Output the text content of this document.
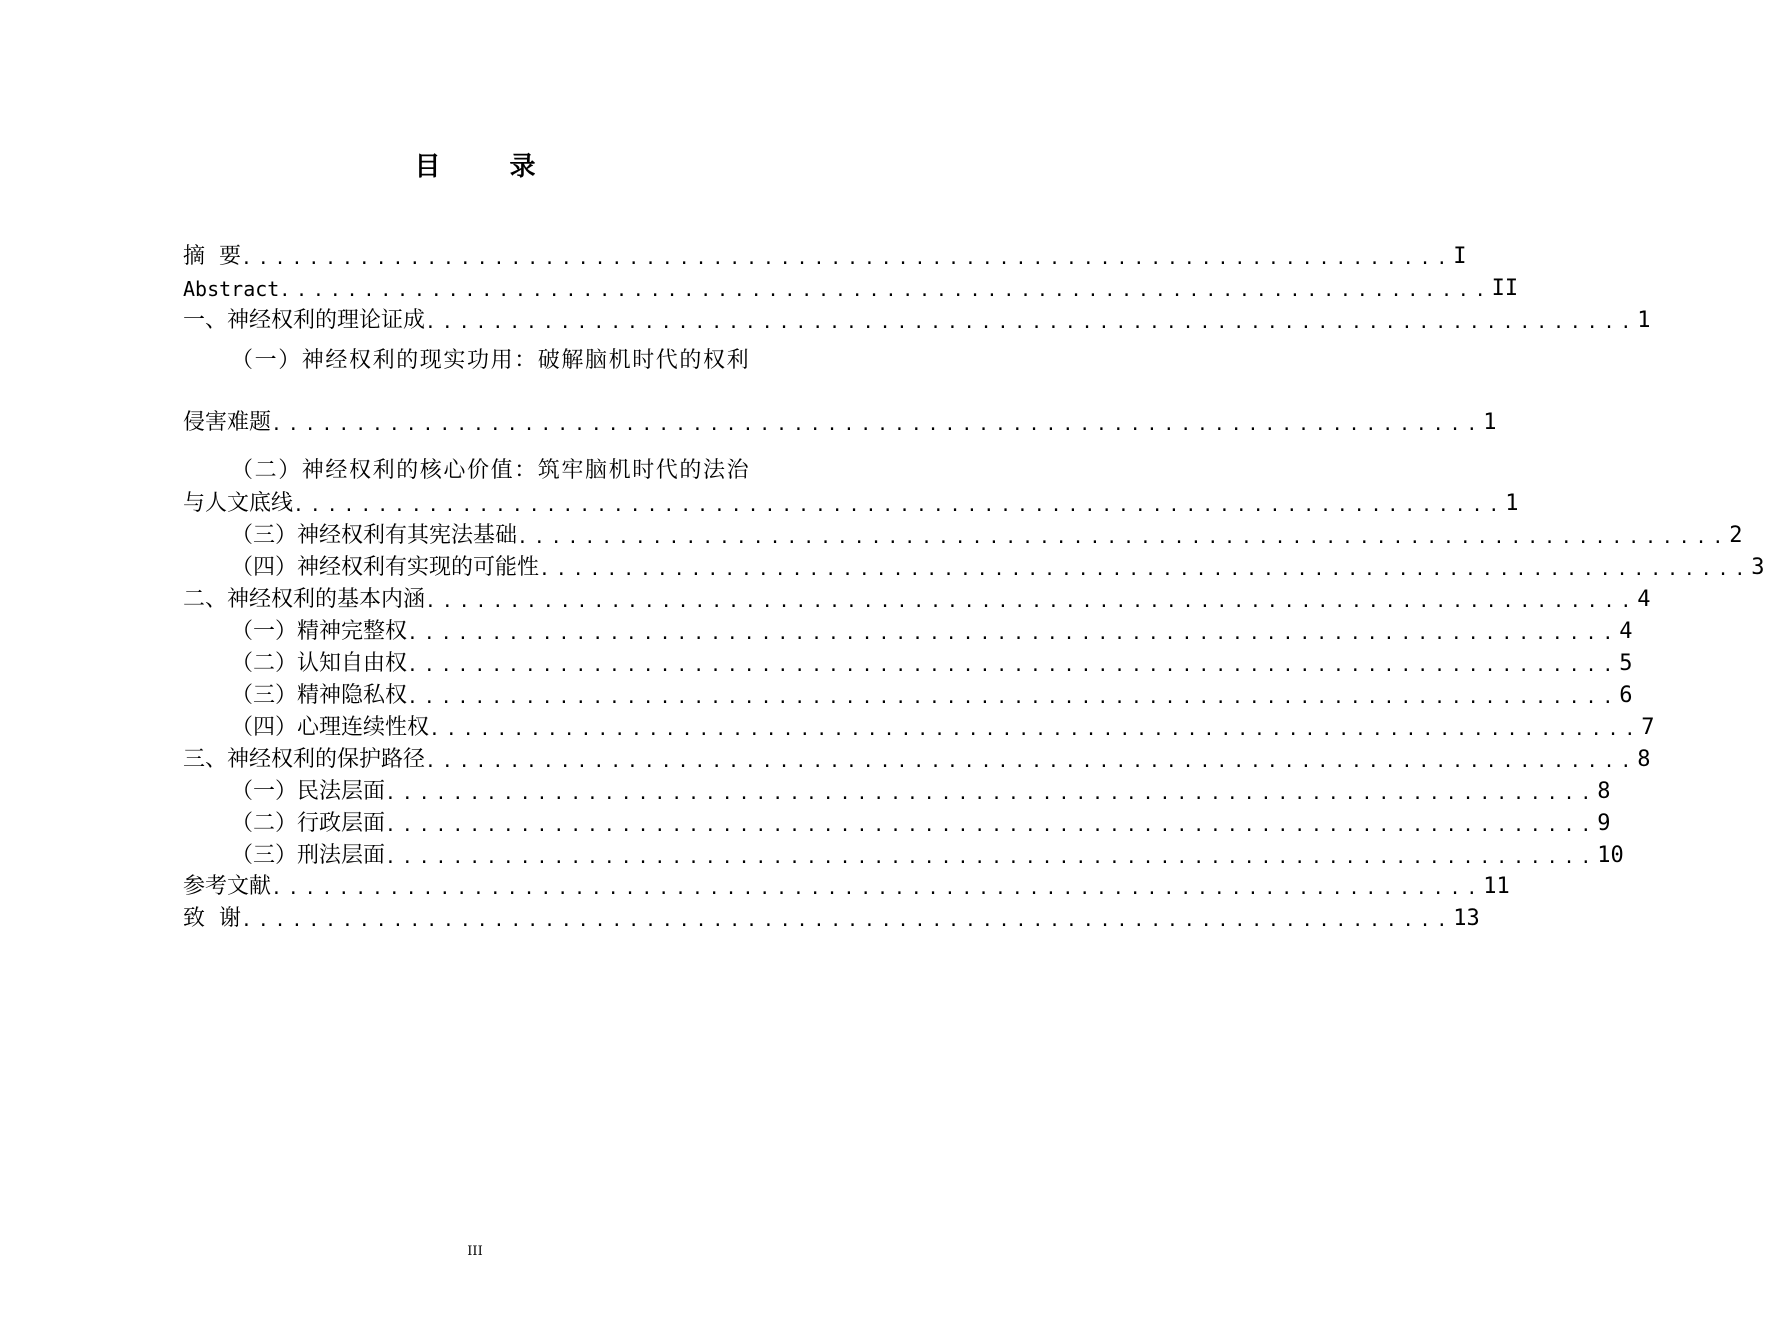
目 录
摘  要 ........................................................................ I
Abstract ........................................................................ II
一、神经权利的理论证成 ........................................................................ 1
（一）神经权利的现实功用：破解脑机时代的权利
侵害难题 ........................................................................ 1
（二）神经权利的核心价值：筑牢脑机时代的法治
与人文底线 ........................................................................ 1
（三）神经权利有其宪法基础 ........................................................................ 2
（四）神经权利有实现的可能性 ........................................................................ 3
二、神经权利的基本内涵 ........................................................................ 4
（一）精神完整权 ........................................................................ 4
（二）认知自由权 ........................................................................ 5
（三）精神隐私权 ........................................................................ 6
（四）心理连续性权 ........................................................................ 7
三、神经权利的保护路径 ........................................................................ 8
（一）民法层面 ........................................................................ 8
（二）行政层面 ........................................................................ 9
（三）刑法层面 ........................................................................ 10
参考文献 ........................................................................ 11
致  谢 ........................................................................ 13
III
